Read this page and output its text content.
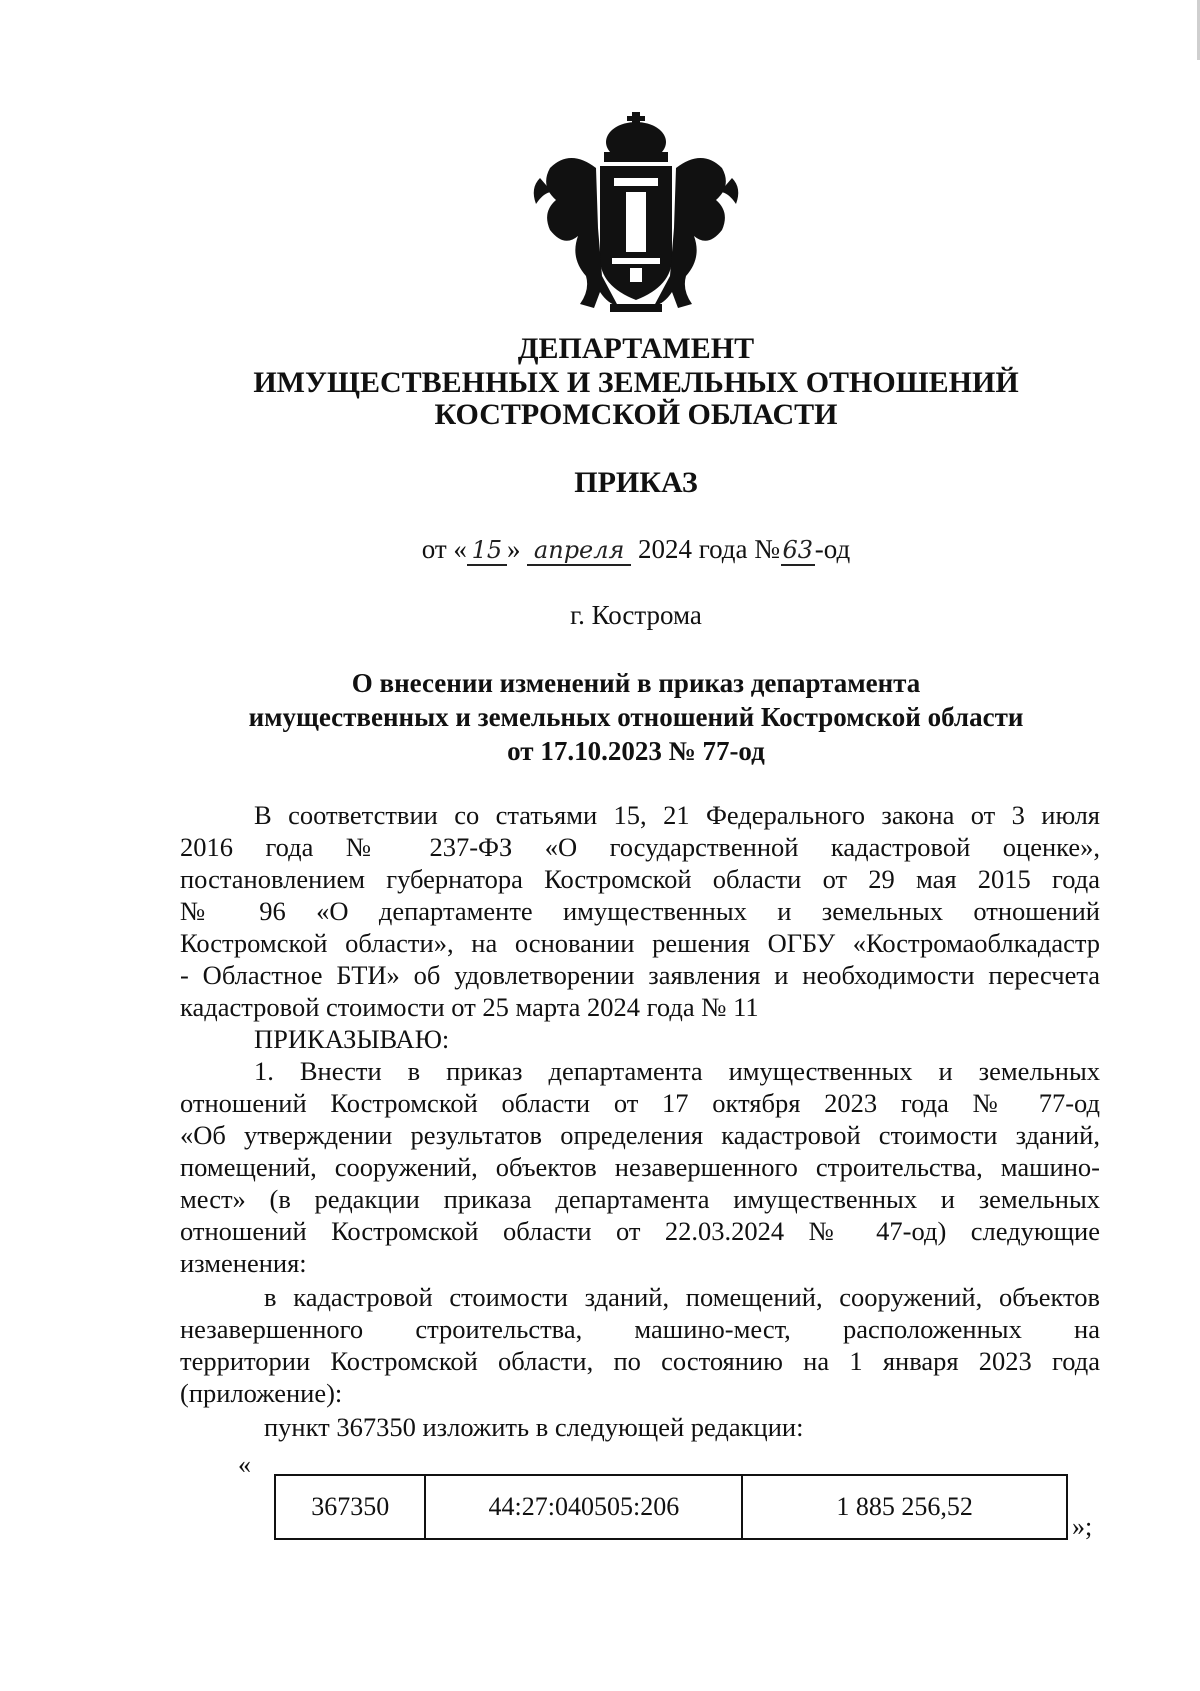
ДЕПАРТАМЕНТ
ИМУЩЕСТВЕННЫХ И ЗЕМЕЛЬНЫХ ОТНОШЕНИЙ
КОСТРОМСКОЙ ОБЛАСТИ
ПРИКАЗ
от « 15 » апреля 2024 года № 63-од
г. Кострома
О внесении изменений в приказ департамента
имущественных и земельных отношений Костромской области
от 17.10.2023 № 77-од
В соответствии со статьями 15, 21 Федерального закона от 3 июля
2016 года № 237-ФЗ «О государственной кадастровой оценке»,
постановлением губернатора Костромской области от 29 мая 2015 года
№ 96 «О департаменте имущественных и земельных отношений
Костромской области», на основании решения ОГБУ «Костромаоблкадастр
- Областное БТИ» об удовлетворении заявления и необходимости пересчета
кадастровой стоимости от 25 марта 2024 года № 11
ПРИКАЗЫВАЮ:
1. Внести в приказ департамента имущественных и земельных
отношений Костромской области от 17 октября 2023 года № 77-од
«Об утверждении результатов определения кадастровой стоимости зданий,
помещений, сооружений, объектов незавершенного строительства, машино-
мест» (в редакции приказа департамента имущественных и земельных
отношений Костромской области от 22.03.2024 № 47-од) следующие
изменения:
в кадастровой стоимости зданий, помещений, сооружений, объектов
незавершенного строительства, машино-мест, расположенных на
территории Костромской области, по состоянию на 1 января 2023 года
(приложение):
пункт 367350 изложить в следующей редакции:
«
367350	44:27:040505:206	1 885 256,52
»;
